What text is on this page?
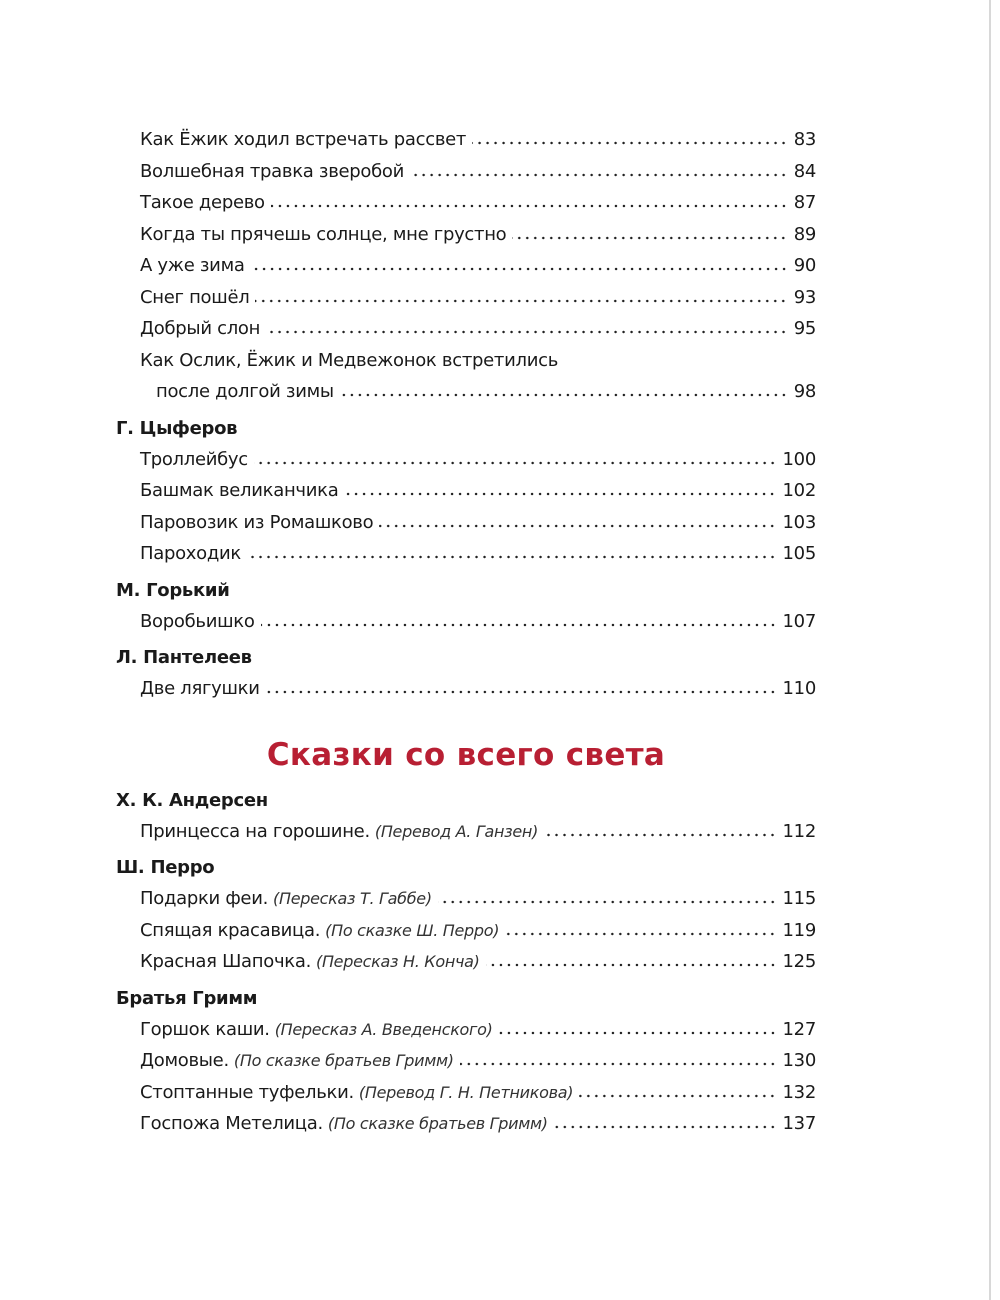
Как Ёжик ходил встречать рассвет	83
Волшебная травка зверобой	84
Такое дерево	87
Когда ты прячешь солнце, мне грустно	89
А уже зима	90
Снег пошёл	93
Добрый слон	95
Как Ослик, Ёжик и Медвежонок встретились
после долгой зимы	98
Г. Цыферов
Троллейбус	100
Башмак великанчика	102
Паровозик из Ромашково	103
Пароходик	105
М. Горький
Воробьишко	107
Л. Пантелеев
Две лягушки	110
Сказки со всего света
Х. К. Андерсен
Принцесса на горошине. (Перевод А. Ганзен)	112
Ш. Перро
Подарки феи. (Пересказ Т. Габбе)	115
Спящая красавица. (По сказке Ш. Перро)	119
Красная Шапочка. (Пересказ Н. Конча)	125
Братья Гримм
Горшок каши. (Пересказ А. Введенского)	127
Домовые. (По сказке братьев Гримм)	130
Стоптанные туфельки. (Перевод Г. Н. Петникова)	132
Госпожа Метелица. (По сказке братьев Гримм)	137
